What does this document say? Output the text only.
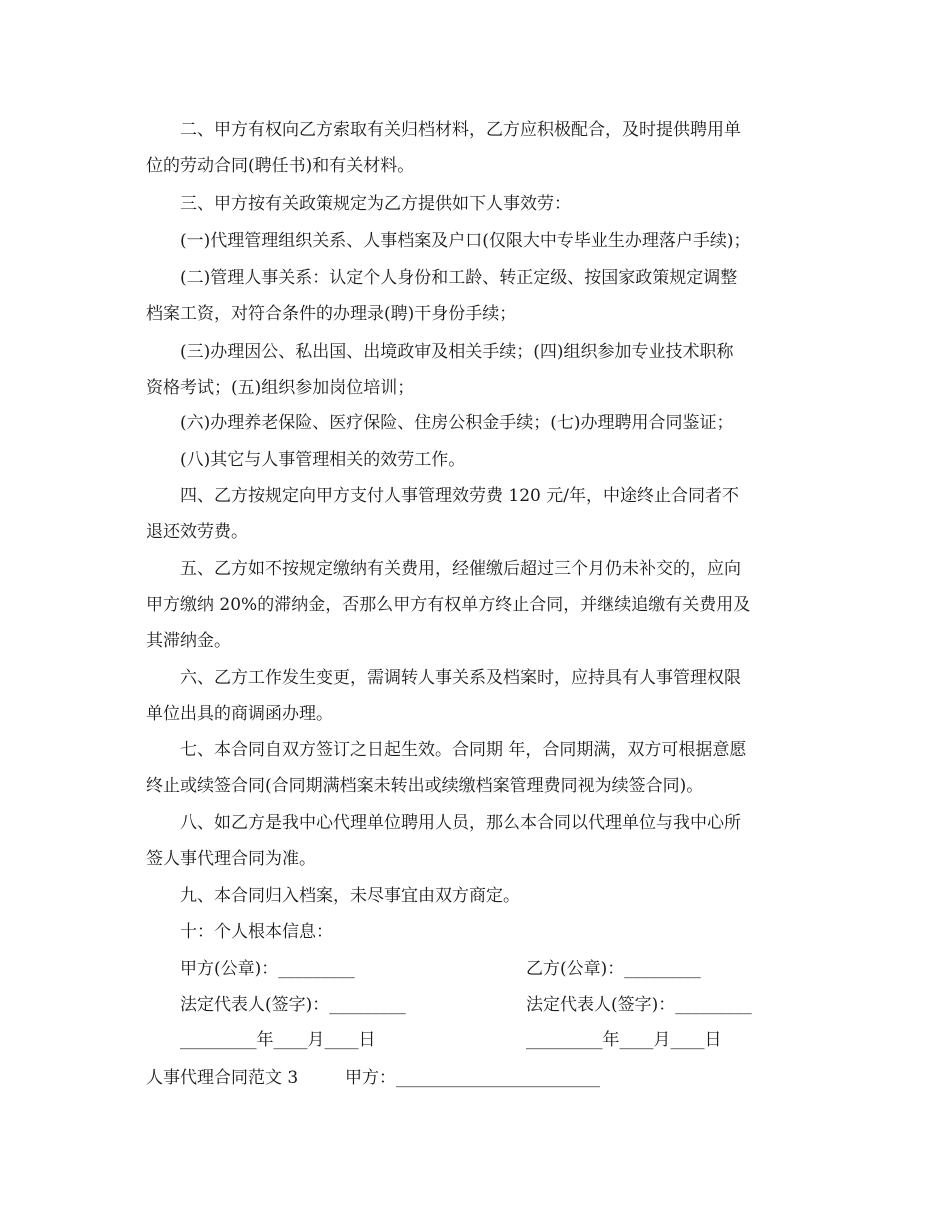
二、甲方有权向乙方索取有关归档材料，乙方应积极配合，及时提供聘用单
位的劳动合同(聘任书)和有关材料。

三、甲方按有关政策规定为乙方提供如下人事效劳：

(一)代理管理组织关系、人事档案及户口(仅限大中专毕业生办理落户手续)；

(二)管理人事关系：认定个人身份和工龄、转正定级、按国家政策规定调整
档案工资，对符合条件的办理录(聘)干身份手续；

(三)办理因公、私出国、出境政审及相关手续；(四)组织参加专业技术职称
资格考试；(五)组织参加岗位培训；

(六)办理养老保险、医疗保险、住房公积金手续；(七)办理聘用合同鉴证；

(八)其它与人事管理相关的效劳工作。

四、乙方按规定向甲方支付人事管理效劳费 120 元/年，中途终止合同者不
退还效劳费。

五、乙方如不按规定缴纳有关费用，经催缴后超过三个月仍未补交的，应向
甲方缴纳 20%的滞纳金，否那么甲方有权单方终止合同，并继续追缴有关费用及
其滞纳金。

六、乙方工作发生变更，需调转人事关系及档案时，应持具有人事管理权限
单位出具的商调函办理。

七、本合同自双方签订之日起生效。合同期 年，合同期满，双方可根据意愿
终止或续签合同(合同期满档案未转出或续缴档案管理费同视为续签合同)。

八、如乙方是我中心代理单位聘用人员，那么本合同以代理单位与我中心所
签人事代理合同为准。

九、本合同归入档案，未尽事宜由双方商定。

十：个人根本信息：

甲方(公章)：_________	乙方(公章)：_________
法定代表人(签字)：_________	法定代表人(签字)：_________
_________年____月____日	_________年____月____日
人事代理合同范文 3	甲方：________________________
